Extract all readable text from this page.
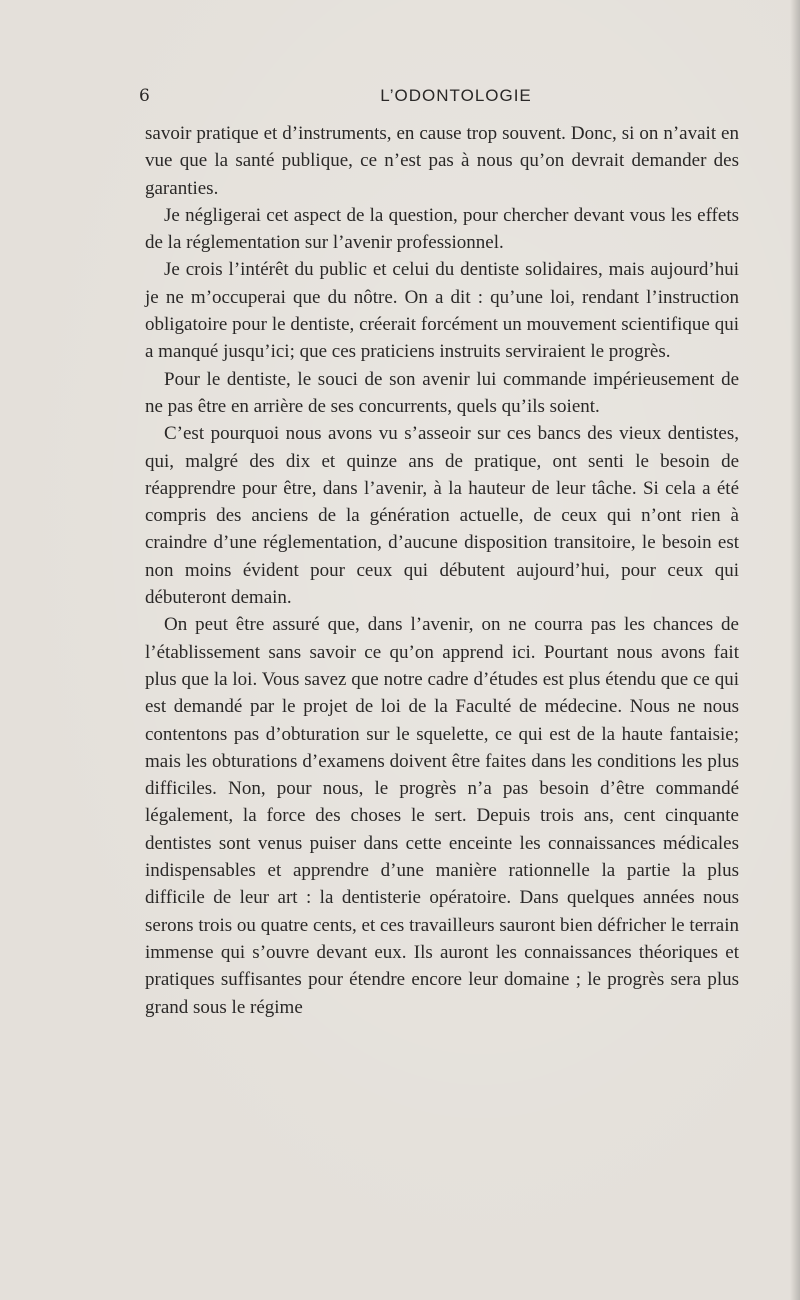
6	L’ODONTOLOGIE

savoir pratique et d’instruments, en cause trop souvent. Donc, si on n’avait en vue que la santé publique, ce n’est pas à nous qu’on devrait demander des garanties.

Je négligerai cet aspect de la question, pour chercher devant vous les effets de la réglementation sur l’avenir professionnel.

Je crois l’intérêt du public et celui du dentiste solidaires, mais aujourd’hui je ne m’occuperai que du nôtre. On a dit : qu’une loi, rendant l’instruction obligatoire pour le dentiste, créerait forcément un mouvement scientifique qui a manqué jusqu’ici; que ces praticiens instruits serviraient le progrès.

Pour le dentiste, le souci de son avenir lui commande impérieusement de ne pas être en arrière de ses concurrents, quels qu’ils soient.

C’est pourquoi nous avons vu s’asseoir sur ces bancs des vieux dentistes, qui, malgré des dix et quinze ans de pratique, ont senti le besoin de réapprendre pour être, dans l’avenir, à la hauteur de leur tâche. Si cela a été compris des anciens de la génération actuelle, de ceux qui n’ont rien à craindre d’une réglementation, d’aucune disposition transitoire, le besoin est non moins évident pour ceux qui débutent aujourd’hui, pour ceux qui débuteront demain.

On peut être assuré que, dans l’avenir, on ne courra pas les chances de l’établissement sans savoir ce qu’on apprend ici. Pourtant nous avons fait plus que la loi. Vous savez que notre cadre d’études est plus étendu que ce qui est demandé par le projet de loi de la Faculté de médecine. Nous ne nous contentons pas d’obturation sur le squelette, ce qui est de la haute fantaisie; mais les obturations d’examens doivent être faites dans les conditions les plus difficiles. Non, pour nous, le progrès n’a pas besoin d’être commandé légalement, la force des choses le sert. Depuis trois ans, cent cinquante dentistes sont venus puiser dans cette enceinte les connaissances médicales indispensables et apprendre d’une manière rationnelle la partie la plus difficile de leur art : la dentisterie opératoire. Dans quelques années nous serons trois ou quatre cents, et ces travailleurs sauront bien défricher le terrain immense qui s’ouvre devant eux. Ils auront les connaissances théoriques et pratiques suffisantes pour étendre encore leur domaine ; le progrès sera plus grand sous le régime
